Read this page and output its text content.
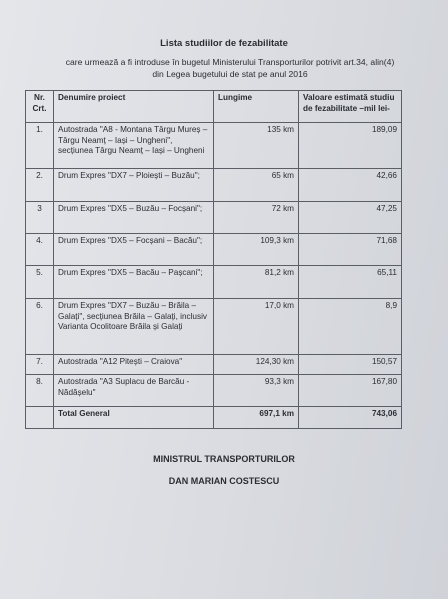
Lista studiilor de fezabilitate
care urmează a fi introduse în bugetul Ministerului Transporturilor potrivit art.34, alin(4)
din Legea bugetului de stat pe anul 2016
Nr. Crt.	Denumire proiect	Lungime	Valoare estimată studiu de fezabilitate –mil lei-
1.	Autostrada "A8 - Montana Târgu Mureș – Târgu Neamț – Iași – Ungheni", secțiunea Târgu Neamț – Iași – Ungheni	135 km	189,09
2.	Drum Expres "DX7 – Ploiești – Buzău";	65 km	42,66
3	Drum Expres "DX5 – Buzău – Focșani";	72 km	47,25
4.	Drum Expres "DX5 – Focșani – Bacău";	109,3 km	71,68
5.	Drum Expres "DX5 – Bacău – Pașcani";	81,2 km	65,11
6.	Drum Expres "DX7 – Buzău – Brăila – Galați", secțiunea Brăila – Galați, inclusiv Varianta Ocolitoare Brăila și Galați	17,0 km	8,9
7.	Autostrada "A12 Pitești – Craiova"	124,30 km	150,57
8.	Autostrada "A3 Suplacu de Barcău - Nădășelu"	93,3 km	167,80
	Total General	697,1 km	743,06
MINISTRUL TRANSPORTURILOR
DAN MARIAN COSTESCU
